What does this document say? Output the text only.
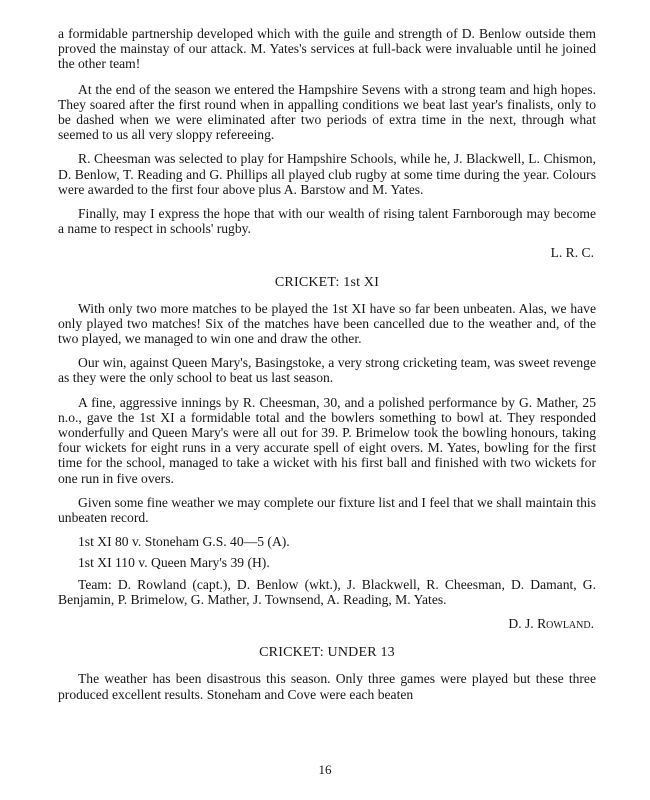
a formidable partnership developed which with the guile and strength of D. Benlow outside them proved the mainstay of our attack. M. Yates's services at full-back were invaluable until he joined the other team!

At the end of the season we entered the Hampshire Sevens with a strong team and high hopes. They soared after the first round when in appalling conditions we beat last year's finalists, only to be dashed when we were eliminated after two periods of extra time in the next, through what seemed to us all very sloppy refereeing.

R. Cheesman was selected to play for Hampshire Schools, while he, J. Blackwell, L. Chismon, D. Benlow, T. Reading and G. Phillips all played club rugby at some time during the year. Colours were awarded to the first four above plus A. Barstow and M. Yates.

Finally, may I express the hope that with our wealth of rising talent Farnborough may become a name to respect in schools' rugby.

L. R. C.

CRICKET: 1st XI

With only two more matches to be played the 1st XI have so far been unbeaten. Alas, we have only played two matches! Six of the matches have been cancelled due to the weather and, of the two played, we managed to win one and draw the other.

Our win, against Queen Mary's, Basingstoke, a very strong cricketing team, was sweet revenge as they were the only school to beat us last season.

A fine, aggressive innings by R. Cheesman, 30, and a polished performance by G. Mather, 25 n.o., gave the 1st XI a formidable total and the bowlers something to bowl at. They responded wonderfully and Queen Mary's were all out for 39. P. Brimelow took the bowling honours, taking four wickets for eight runs in a very accurate spell of eight overs. M. Yates, bowling for the first time for the school, managed to take a wicket with his first ball and finished with two wickets for one run in five overs.

Given some fine weather we may complete our fixture list and I feel that we shall maintain this unbeaten record.

1st XI 80 v. Stoneham G.S. 40—5 (A).

1st XI 110 v. Queen Mary's 39 (H).

Team: D. Rowland (capt.), D. Benlow (wkt.), J. Blackwell, R. Cheesman, D. Damant, G. Benjamin, P. Brimelow, G. Mather, J. Townsend, A. Reading, M. Yates.

D. J. Rowland.

CRICKET: UNDER 13

The weather has been disastrous this season. Only three games were played but these three produced excellent results. Stoneham and Cove were each beaten

16
